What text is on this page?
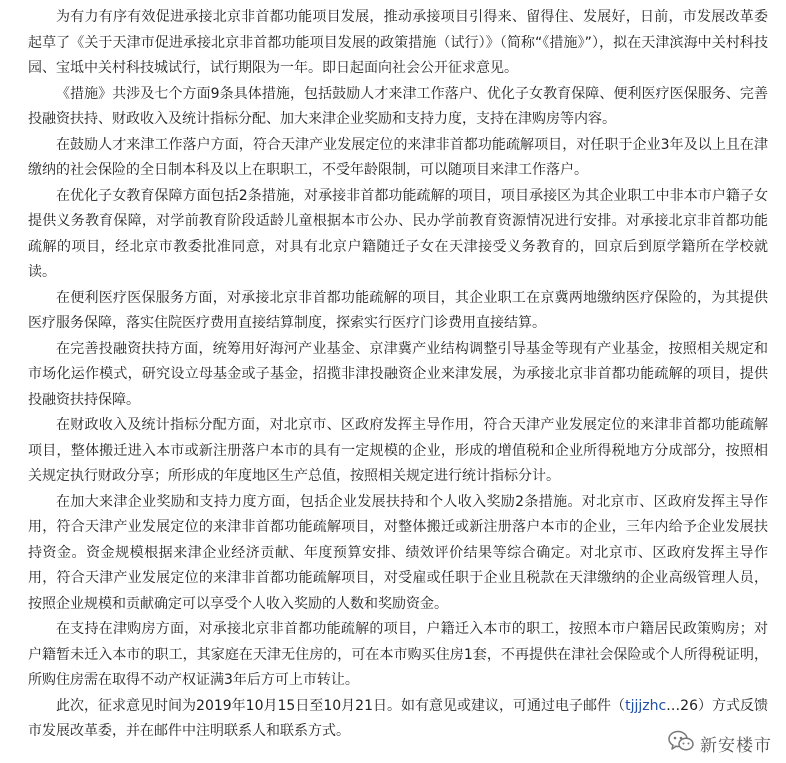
为有力有序有效促进承接北京非首都功能项目发展，推动承接项目引得来、留得住、发展好，日前，市发展改革委起草了《关于天津市促进承接北京非首都功能项目发展的政策措施（试行）》（简称“《措施》”），拟在天津滨海中关村科技园、宝坻中关村科技城试行，试行期限为一年。即日起面向社会公开征求意见。

《措施》共涉及七个方面9条具体措施，包括鼓励人才来津工作落户、优化子女教育保障、便利医疗医保服务、完善投融资扶持、财政收入及统计指标分配、加大来津企业奖励和支持力度，支持在津购房等内容。

在鼓励人才来津工作落户方面，符合天津产业发展定位的来津非首都功能疏解项目，对任职于企业3年及以上且在津缴纳的社会保险的全日制本科及以上在职职工，不受年龄限制，可以随项目来津工作落户。

在优化子女教育保障方面包括2条措施，对承接非首都功能疏解的项目，项目承接区为其企业职工中非本市户籍子女提供义务教育保障，对学前教育阶段适龄儿童根据本市公办、民办学前教育资源情况进行安排。对承接北京非首都功能疏解的项目，经北京市教委批准同意，对具有北京户籍随迁子女在天津接受义务教育的，回京后到原学籍所在学校就读。

在便利医疗医保服务方面，对承接北京非首都功能疏解的项目，其企业职工在京冀两地缴纳医疗保险的，为其提供医疗服务保障，落实住院医疗费用直接结算制度，探索实行医疗门诊费用直接结算。

在完善投融资扶持方面，统筹用好海河产业基金、京津冀产业结构调整引导基金等现有产业基金，按照相关规定和市场化运作模式，研究设立母基金或子基金，招揽非津投融资企业来津发展，为承接北京非首都功能疏解的项目，提供投融资扶持保障。

在财政收入及统计指标分配方面，对北京市、区政府发挥主导作用，符合天津产业发展定位的来津非首都功能疏解项目，整体搬迁进入本市或新注册落户本市的具有一定规模的企业，形成的增值税和企业所得税地方分成部分，按照相关规定执行财政分享；所形成的年度地区生产总值，按照相关规定进行统计指标分计。

在加大来津企业奖励和支持力度方面，包括企业发展扶持和个人收入奖励2条措施。对北京市、区政府发挥主导作用，符合天津产业发展定位的来津非首都功能疏解项目，对整体搬迁或新注册落户本市的企业，三年内给予企业发展扶持资金。资金规模根据来津企业经济贡献、年度预算安排、绩效评价结果等综合确定。对北京市、区政府发挥主导作用，符合天津产业发展定位的来津非首都功能疏解项目，对受雇或任职于企业且税款在天津缴纳的企业高级管理人员，按照企业规模和贡献确定可以享受个人收入奖励的人数和奖励资金。

在支持在津购房方面，对承接北京非首都功能疏解的项目，户籍迁入本市的职工，按照本市户籍居民政策购房；对户籍暂未迁入本市的职工，其家庭在天津无住房的，可在本市购买住房1套，不再提供在津社会保险或个人所得税证明，所购住房需在取得不动产权证满3年后方可上市转让。

此次，征求意见时间为2019年10月15日至10月21日。如有意见或建议，可通过电子邮件（tjjjzhc…26）方式反馈市发展改革委，并在邮件中注明联系人和联系方式。

新安楼市
